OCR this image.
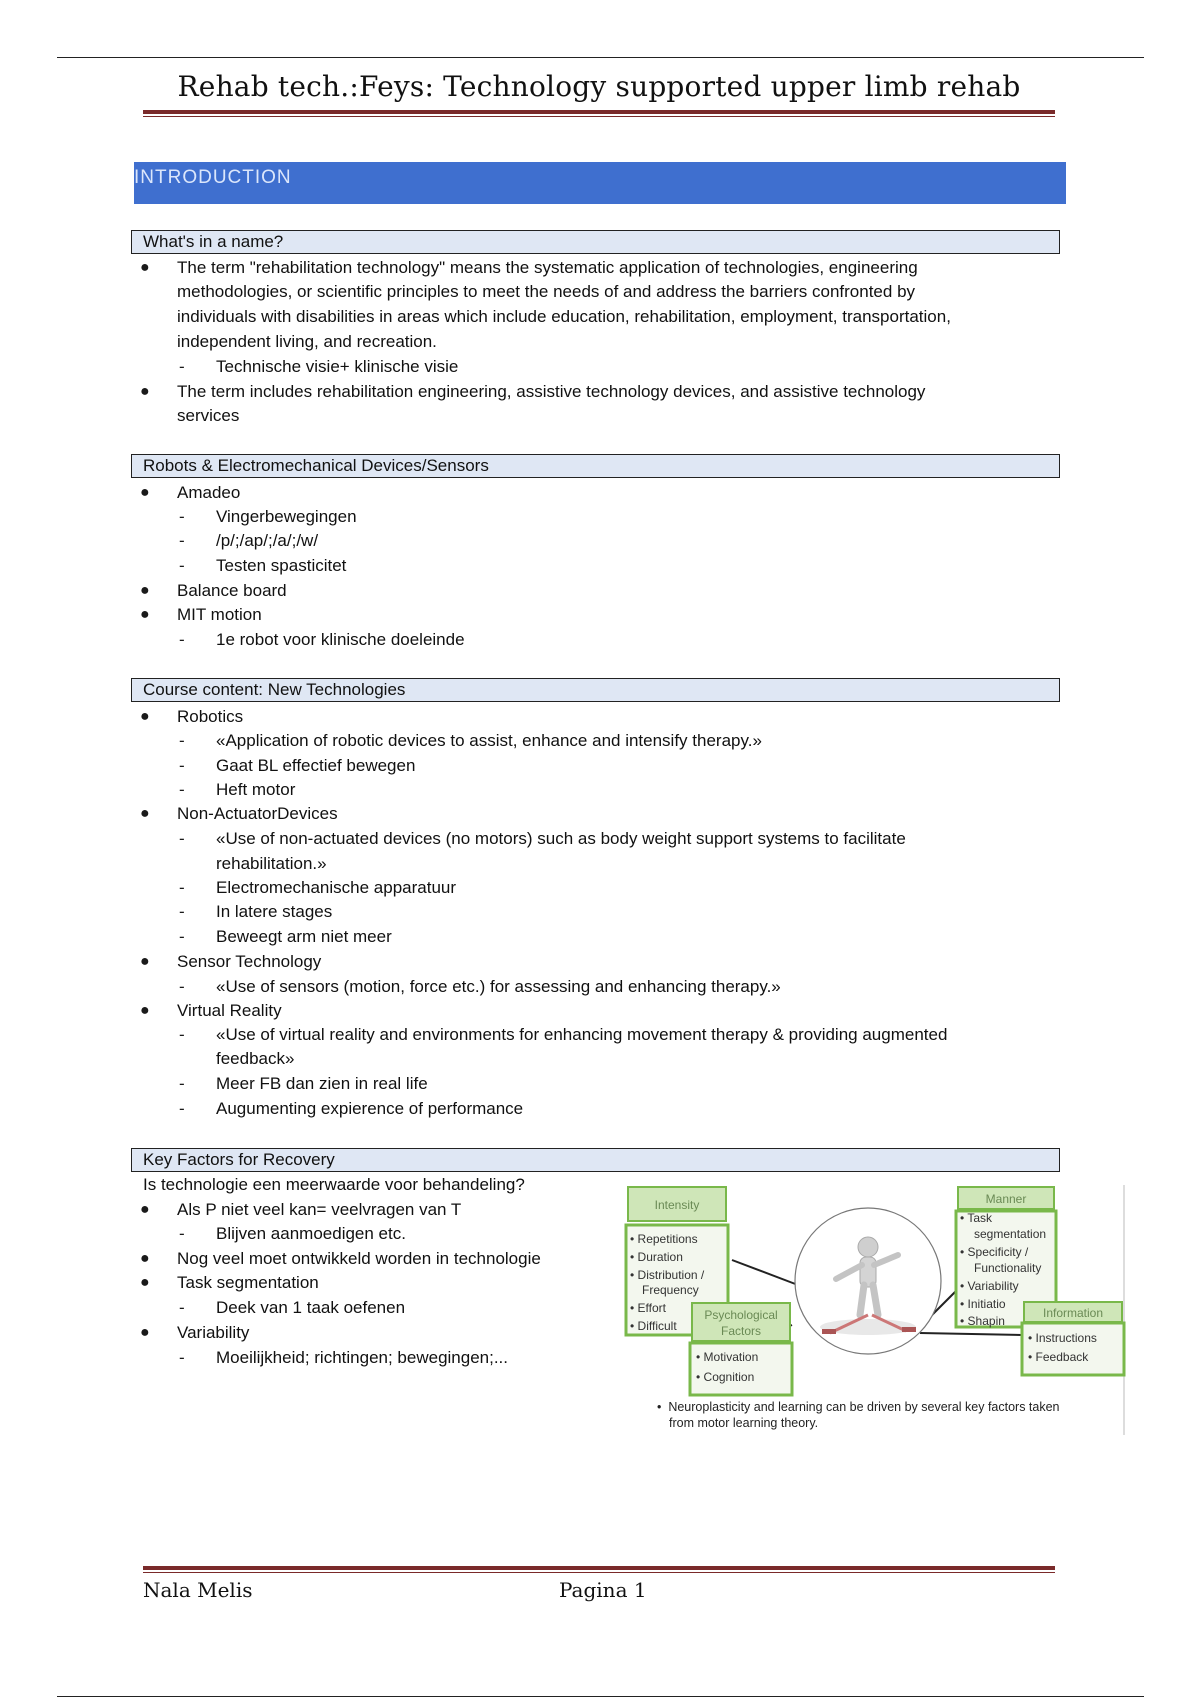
Rehab tech.:Feys: Technology supported upper limb rehab
INTRODUCTION
What's in a name?
● The term "rehabilitation technology" means the systematic application of technologies, engineering
methodologies, or scientific principles to meet the needs of and address the barriers confronted by
individuals with disabilities in areas which include education, rehabilitation, employment, transportation,
independent living, and recreation.
- Technische visie+ klinische visie
● The term includes rehabilitation engineering, assistive technology devices, and assistive technology
services
Robots & Electromechanical Devices/Sensors
● Amadeo
- Vingerbewegingen
- /p/;/ap/;/a/;/w/
- Testen spasticitet
● Balance board
● MIT motion
- 1e robot voor klinische doeleinde
Course content: New Technologies
● Robotics
- «Application of robotic devices to assist, enhance and intensify therapy.»
- Gaat BL effectief bewegen
- Heft motor
● Non-ActuatorDevices
- «Use of non-actuated devices (no motors) such as body weight support systems to facilitate
rehabilitation.»
- Electromechanische apparatuur
- In latere stages
- Beweegt arm niet meer
● Sensor Technology
- «Use of sensors (motion, force etc.) for assessing and enhancing therapy.»
● Virtual Reality
- «Use of virtual reality and environments for enhancing movement therapy & providing augmented
feedback»
- Meer FB dan zien in real life
- Augumenting expierence of performance
Key Factors for Recovery
Is technologie een meerwaarde voor behandeling?
● Als P niet veel kan= veelvragen van T
- Blijven aanmoedigen etc.
● Nog veel moet ontwikkeld worden in technologie
● Task segmentation
- Deek van 1 taak oefenen
● Variability
- Moeilijkheid; richtingen; bewegingen;...
Intensity
• Repetitions
• Duration
• Distribution /
Frequency
• Effort
• Difficult
Psychological
Factors
• Motivation
• Cognition
Manner
• Task
segmentation
• Specificity /
Functionality
• Variability
• Initiatio
• Shapin
Information
• Instructions
• Feedback
•  Neuroplasticity and learning can be driven by several key factors taken
from motor learning theory.
Nala Melis	Pagina 1
